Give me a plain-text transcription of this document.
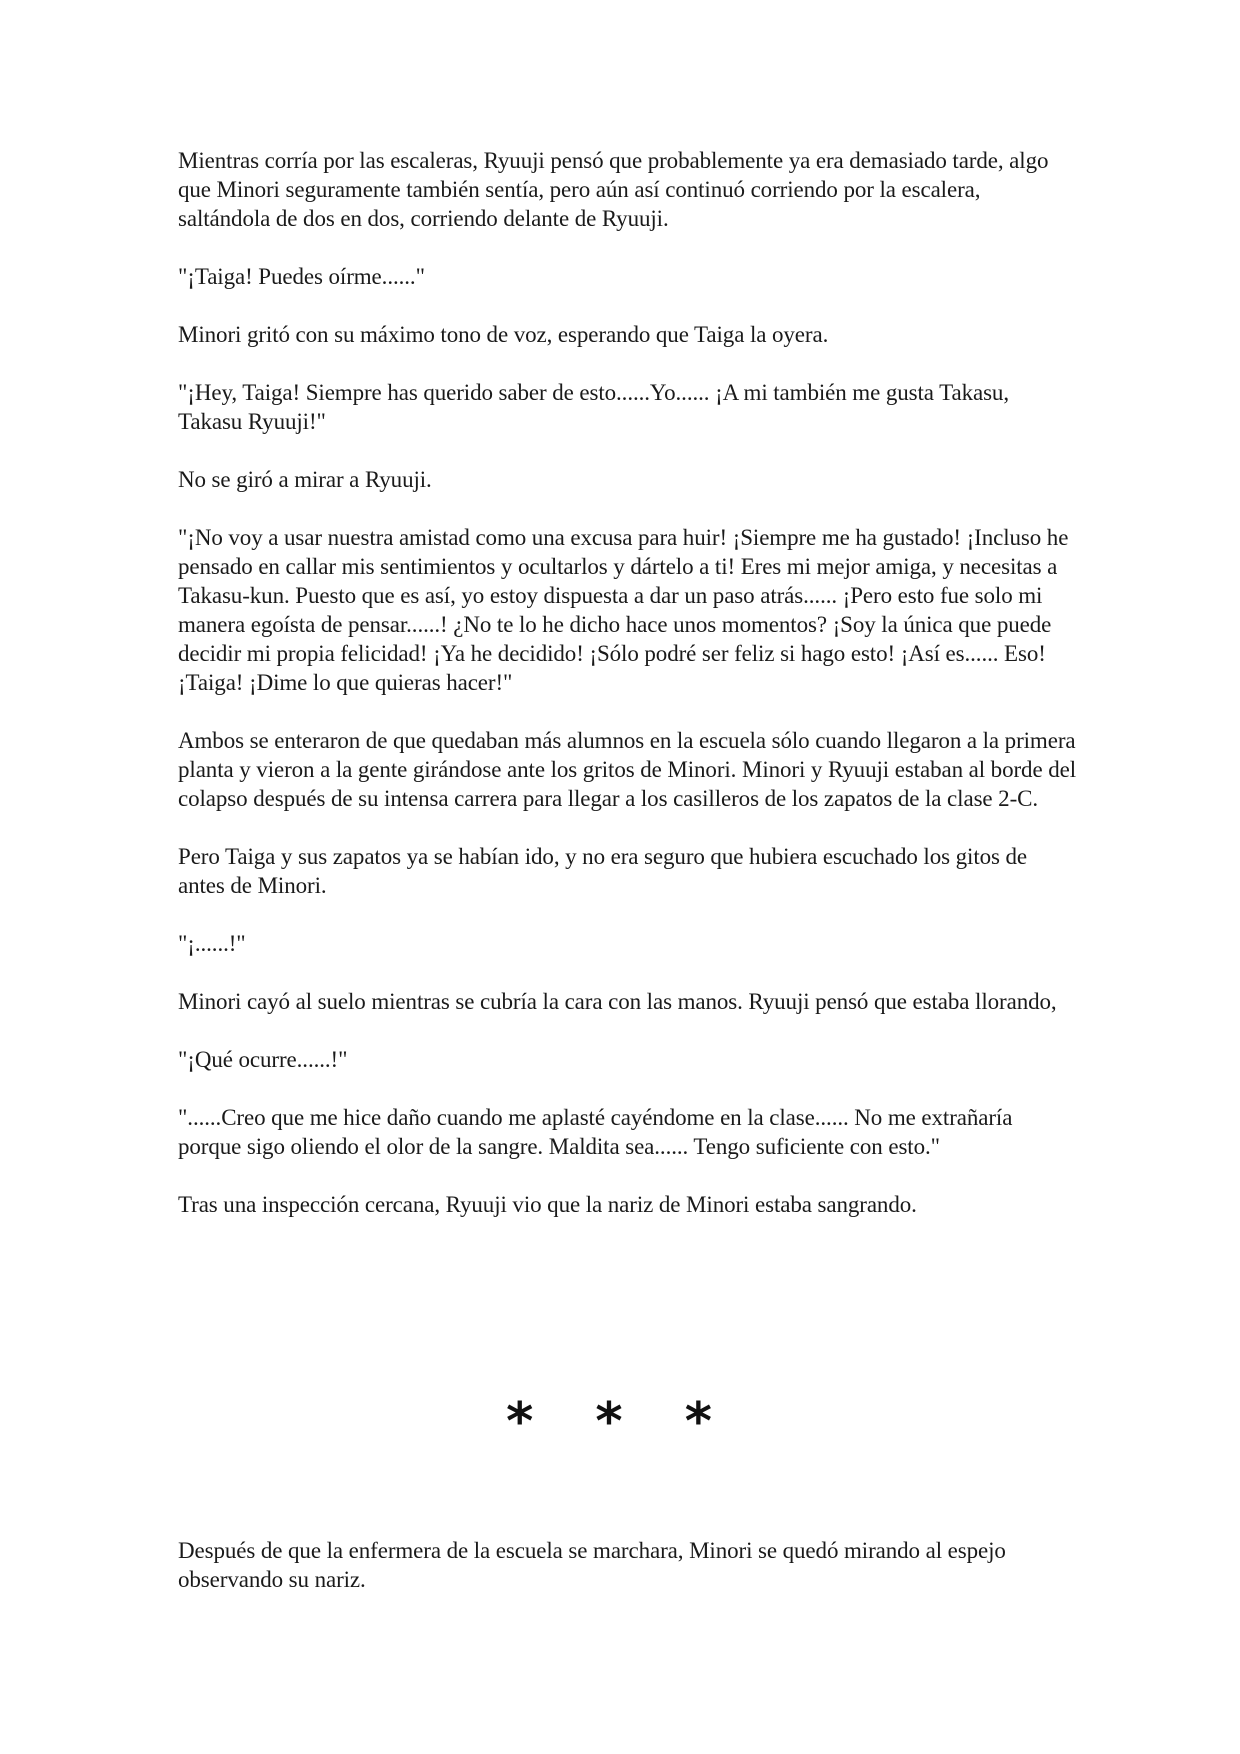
Mientras corría por las escaleras, Ryuuji pensó que probablemente ya era demasiado tarde, algo que Minori seguramente también sentía, pero aún así continuó corriendo por la escalera, saltándola de dos en dos, corriendo delante de Ryuuji.

"¡Taiga! Puedes oírme......"

Minori gritó con su máximo tono de voz, esperando que Taiga la oyera.

"¡Hey, Taiga! Siempre has querido saber de esto......Yo...... ¡A mi también me gusta Takasu, Takasu Ryuuji!"

No se giró a mirar a Ryuuji.

"¡No voy a usar nuestra amistad como una excusa para huir! ¡Siempre me ha gustado! ¡Incluso he pensado en callar mis sentimientos y ocultarlos y dártelo a ti! Eres mi mejor amiga, y necesitas a Takasu-kun. Puesto que es así, yo estoy dispuesta a dar un paso atrás...... ¡Pero esto fue solo mi manera egoísta de pensar......! ¿No te lo he dicho hace unos momentos? ¡Soy la única que puede decidir mi propia felicidad! ¡Ya he decidido! ¡Sólo podré ser feliz si hago esto! ¡Así es...... Eso! ¡Taiga! ¡Dime lo que quieras hacer!"

Ambos se enteraron de que quedaban más alumnos en la escuela sólo cuando llegaron a la primera planta y vieron a la gente girándose ante los gritos de Minori. Minori y Ryuuji estaban al borde del colapso después de su intensa carrera para llegar a los casilleros de los zapatos de la clase 2-C.

Pero Taiga y sus zapatos ya se habían ido, y no era seguro que hubiera escuchado los gitos de antes de Minori.

"¡......!"

Minori cayó al suelo mientras se cubría la cara con las manos. Ryuuji pensó que estaba llorando,

"¡Qué ocurre......!"

"......Creo que me hice daño cuando me aplasté cayéndome en la clase...... No me extrañaría porque sigo oliendo el olor de la sangre. Maldita sea...... Tengo suficiente con esto."

Tras una inspección cercana, Ryuuji vio que la nariz de Minori estaba sangrando.

* * *

Después de que la enfermera de la escuela se marchara, Minori se quedó mirando al espejo observando su nariz.
